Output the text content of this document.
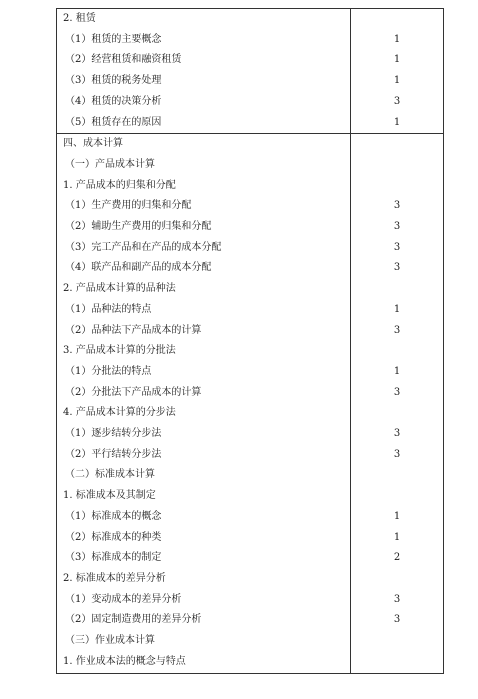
2. 租赁	
（1）租赁的主要概念	1
（2）经营租赁和融资租赁	1
（3）租赁的税务处理	1
（4）租赁的决策分析	3
（5）租赁存在的原因	1
四、成本计算	
（一）产品成本计算	
1. 产品成本的归集和分配	
（1）生产费用的归集和分配	3
（2）辅助生产费用的归集和分配	3
（3）完工产品和在产品的成本分配	3
（4）联产品和副产品的成本分配	3
2. 产品成本计算的品种法	
（1）品种法的特点	1
（2）品种法下产品成本的计算	3
3. 产品成本计算的分批法	
（1）分批法的特点	1
（2）分批法下产品成本的计算	3
4. 产品成本计算的分步法	
（1）逐步结转分步法	3
（2）平行结转分步法	3
（二）标准成本计算	
1. 标准成本及其制定	
（1）标准成本的概念	1
（2）标准成本的种类	1
（3）标准成本的制定	2
2. 标准成本的差异分析	
（1）变动成本的差异分析	3
（2）固定制造费用的差异分析	3
（三）作业成本计算	
1. 作业成本法的概念与特点	
